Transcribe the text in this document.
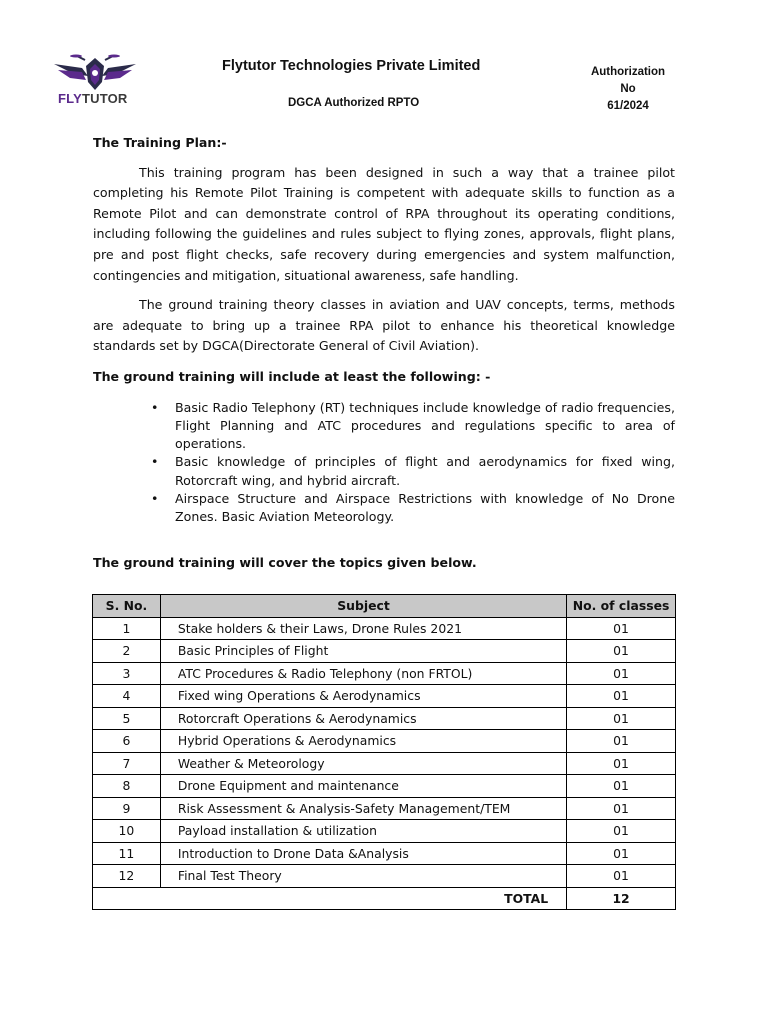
FLYTUTOR
Flytutor Technologies Private Limited
DGCA Authorized RPTO
Authorization No
61/2024

The Training Plan:-

This training program has been designed in such a way that a trainee pilot completing his Remote Pilot Training is competent with adequate skills to function as a Remote Pilot and can demonstrate control of RPA throughout its operating conditions, including following the guidelines and rules subject to flying zones, approvals, flight plans, pre and post flight checks, safe recovery during emergencies and system malfunction, contingencies and mitigation, situational awareness, safe handling.

The ground training theory classes in aviation and UAV concepts, terms, methods are adequate to bring up a trainee RPA pilot to enhance his theoretical knowledge standards set by DGCA(Directorate General of Civil Aviation).

The ground training will include at least the following: -

• Basic Radio Telephony (RT) techniques include knowledge of radio frequencies, Flight Planning and ATC procedures and regulations specific to area of operations.
• Basic knowledge of principles of flight and aerodynamics for fixed wing, Rotorcraft wing, and hybrid aircraft.
• Airspace Structure and Airspace Restrictions with knowledge of No Drone Zones. Basic Aviation Meteorology.

The ground training will cover the topics given below.

S. No.	Subject	No. of classes
1	Stake holders & their Laws, Drone Rules 2021	01
2	Basic Principles of Flight	01
3	ATC Procedures & Radio Telephony (non FRTOL)	01
4	Fixed wing Operations & Aerodynamics	01
5	Rotorcraft Operations & Aerodynamics	01
6	Hybrid Operations & Aerodynamics	01
7	Weather & Meteorology	01
8	Drone Equipment and maintenance	01
9	Risk Assessment & Analysis-Safety Management/TEM	01
10	Payload installation & utilization	01
11	Introduction to Drone Data &Analysis	01
12	Final Test Theory	01
TOTAL		12
